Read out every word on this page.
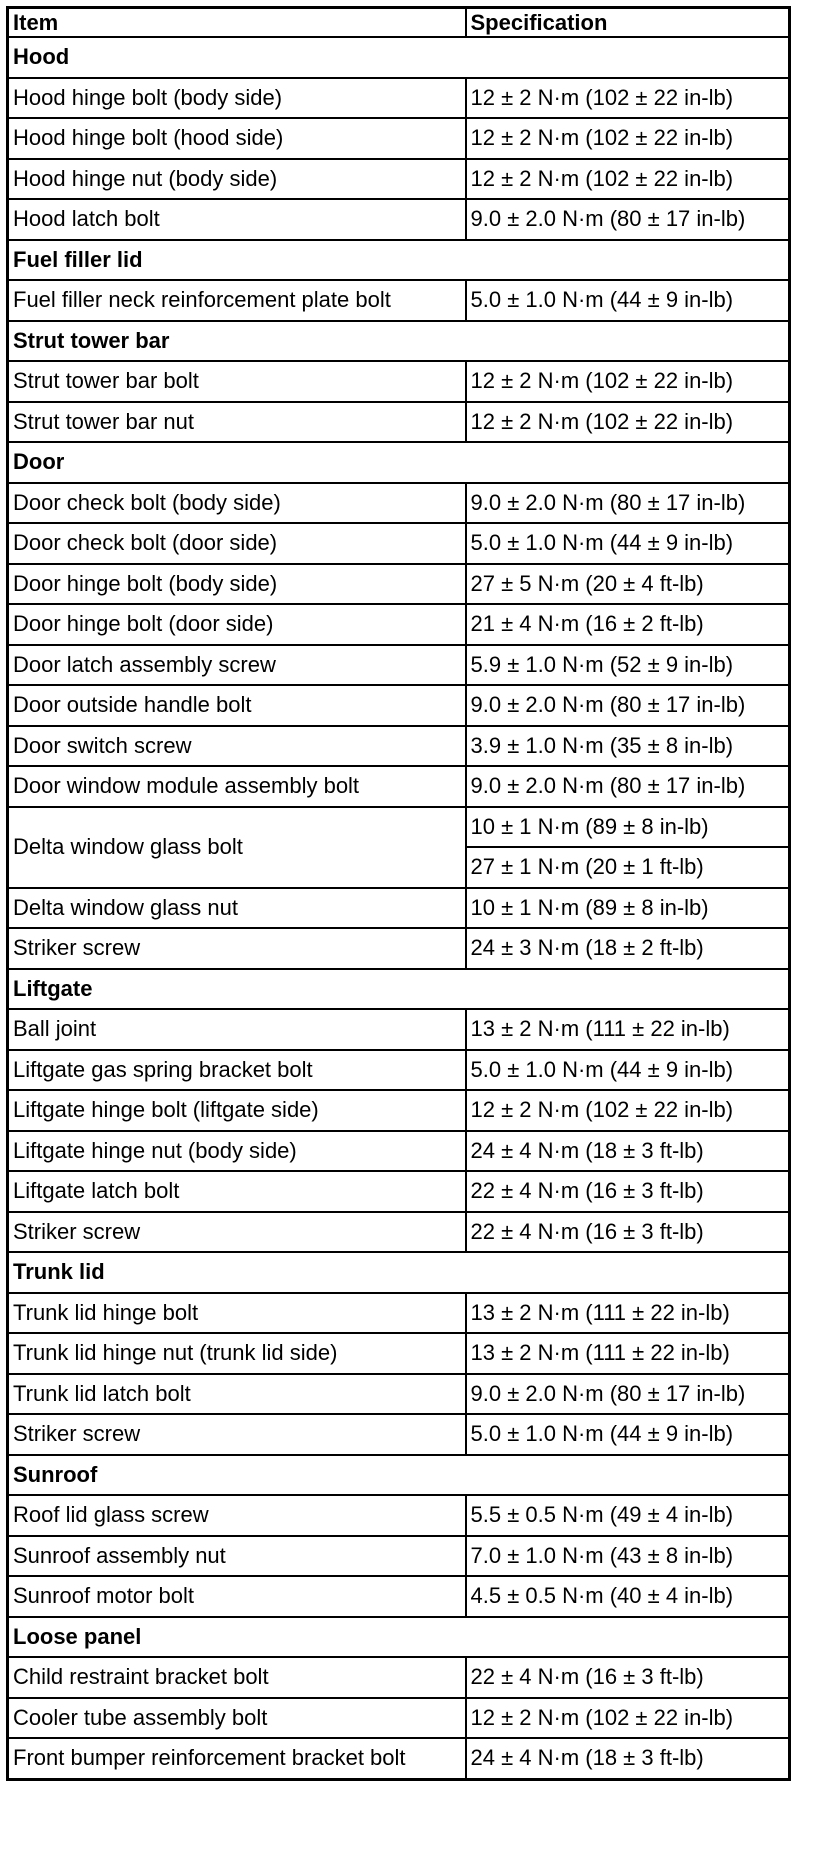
Item	Specification
Hood	
Hood hinge bolt (body side)	12 ± 2 N·m (102 ± 22 in-lb)
Hood hinge bolt (hood side)	12 ± 2 N·m (102 ± 22 in-lb)
Hood hinge nut (body side)	12 ± 2 N·m (102 ± 22 in-lb)
Hood latch bolt	9.0 ± 2.0 N·m (80 ± 17 in-lb)
Fuel filler lid	
Fuel filler neck reinforcement plate bolt	5.0 ± 1.0 N·m (44 ± 9 in-lb)
Strut tower bar	
Strut tower bar bolt	12 ± 2 N·m (102 ± 22 in-lb)
Strut tower bar nut	12 ± 2 N·m (102 ± 22 in-lb)
Door	
Door check bolt (body side)	9.0 ± 2.0 N·m (80 ± 17 in-lb)
Door check bolt (door side)	5.0 ± 1.0 N·m (44 ± 9 in-lb)
Door hinge bolt (body side)	27 ± 5 N·m (20 ± 4 ft-lb)
Door hinge bolt (door side)	21 ± 4 N·m (16 ± 2 ft-lb)
Door latch assembly screw	5.9 ± 1.0 N·m (52 ± 9 in-lb)
Door outside handle bolt	9.0 ± 2.0 N·m (80 ± 17 in-lb)
Door switch screw	3.9 ± 1.0 N·m (35 ± 8 in-lb)
Door window module assembly bolt	9.0 ± 2.0 N·m (80 ± 17 in-lb)
Delta window glass bolt	10 ± 1 N·m (89 ± 8 in-lb)
	27 ± 1 N·m (20 ± 1 ft-lb)
Delta window glass nut	10 ± 1 N·m (89 ± 8 in-lb)
Striker screw	24 ± 3 N·m (18 ± 2 ft-lb)
Liftgate	
Ball joint	13 ± 2 N·m (111 ± 22 in-lb)
Liftgate gas spring bracket bolt	5.0 ± 1.0 N·m (44 ± 9 in-lb)
Liftgate hinge bolt (liftgate side)	12 ± 2 N·m (102 ± 22 in-lb)
Liftgate hinge nut (body side)	24 ± 4 N·m (18 ± 3 ft-lb)
Liftgate latch bolt	22 ± 4 N·m (16 ± 3 ft-lb)
Striker screw	22 ± 4 N·m (16 ± 3 ft-lb)
Trunk lid	
Trunk lid hinge bolt	13 ± 2 N·m (111 ± 22 in-lb)
Trunk lid hinge nut (trunk lid side)	13 ± 2 N·m (111 ± 22 in-lb)
Trunk lid latch bolt	9.0 ± 2.0 N·m (80 ± 17 in-lb)
Striker screw	5.0 ± 1.0 N·m (44 ± 9 in-lb)
Sunroof	
Roof lid glass screw	5.5 ± 0.5 N·m (49 ± 4 in-lb)
Sunroof assembly nut	7.0 ± 1.0 N·m (43 ± 8 in-lb)
Sunroof motor bolt	4.5 ± 0.5 N·m (40 ± 4 in-lb)
Loose panel	
Child restraint bracket bolt	22 ± 4 N·m (16 ± 3 ft-lb)
Cooler tube assembly bolt	12 ± 2 N·m (102 ± 22 in-lb)
Front bumper reinforcement bracket bolt	24 ± 4 N·m (18 ± 3 ft-lb)
